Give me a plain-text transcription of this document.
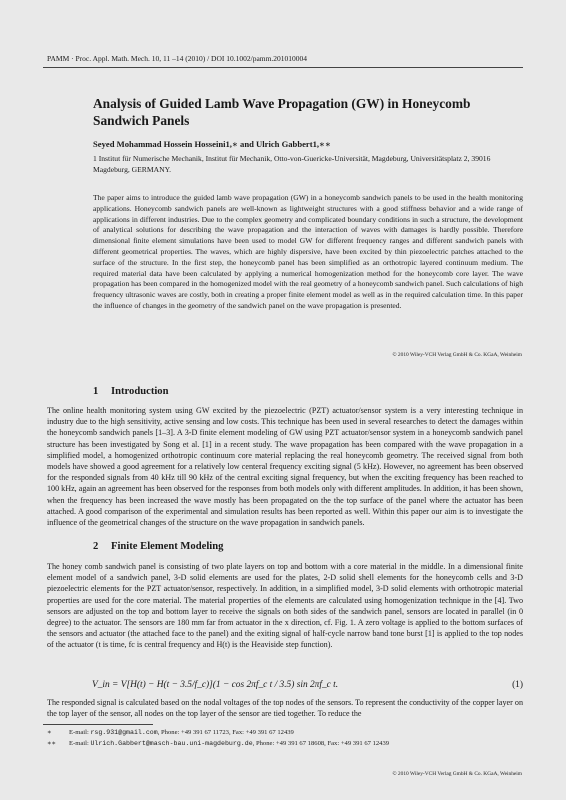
PAMM · Proc. Appl. Math. Mech. 10, 11 –14 (2010) / DOI 10.1002/pamm.201010004
Analysis of Guided Lamb Wave Propagation (GW) in Honeycomb Sandwich Panels
Seyed Mohammad Hossein Hosseini1,∗ and Ulrich Gabbert1,∗∗
1 Institut für Numerische Mechanik, Institut für Mechanik, Otto-von-Guericke-Universität, Magdeburg, Universitätsplatz 2, 39016 Magdeburg, GERMANY.
The paper aims to introduce the guided lamb wave propagation (GW) in a honeycomb sandwich panels to be used in the health monitoring applications. Honeycomb sandwich panels are well-known as lightweight structures with a good stiffness behavior and a wide range of applications in different industries. Due to the complex geometry and complicated boundary conditions in such a structure, the development of analytical solutions for describing the wave propagation and the interaction of waves with damages is hardly possible. Therefore dimensional finite element simulations have been used to model GW for different frequency ranges and different sandwich panels with different geometrical properties. The waves, which are highly dispersive, have been excited by thin piezoelectric patches attached to the surface of the structure. In the first step, the honeycomb panel has been simplified as an orthotropic layered continuum medium. The required material data have been calculated by applying a numerical homogenization method for the honeycomb core layer. The wave propagation has been compared in the homogenized model with the real geometry of a honeycomb sandwich panel. Such calculations of high frequency ultrasonic waves are costly, both in creating a proper finite element model as well as in the required calculation time. In this paper the influence of changes in the geometry of the sandwich panel on the wave propagation is presented.
© 2010 Wiley-VCH Verlag GmbH & Co. KGaA, Weinheim
1 Introduction
The online health monitoring system using GW excited by the piezoelectric (PZT) actuator/sensor system is a very interesting technique in industry due to the high sensitivity, active sensing and low costs. This technique has been used in several researches to detect the damages within the honeycomb sandwich panels [1–3]. A 3-D finite element modeling of GW using PZT actuator/sensor system in a honeycomb sandwich panel structure has been investigated by Song et al. [1] in a recent study. The wave propagation has been compared with the wave propagation in a simplified model, a homogenized orthotropic continuum core material replacing the real honeycomb geometry. The received signal from both models have showed a good agreement for a relatively low centeral frequency exciting signal (5 kHz). However, no agreement has been observed for the responded signals from 40 kHz till 90 kHz of the central exciting signal frequency, but when the exciting frequency has been reached to 100 kHz, again an agreement has been observed for the responses from both models only with different amplitudes. In addition, it has been shown, when the frequency has been increased the wave mostly has been propagated on the the top surface of the panel where the actuator has been attached. A good comparison of the experimental and simulation results has been reported as well. Within this paper our aim is to investigate the influence of the geometrical changes of the structure on the wave propagation in sandwich panels.
2 Finite Element Modeling
The honey comb sandwich panel is consisting of two plate layers on top and bottom with a core material in the middle. In a dimensional finite element model of a sandwich panel, 3-D solid elements are used for the plates, 2-D solid shell elements for the honeycomb cells and 3-D piezoelectric elements for the PZT actuator/sensor, respectively. In addition, in a simplified model, 3-D solid elements with orthotropic material properties are used for the core material. The material properties of the elements are calculated using homogenization technique in the [4]. Two sensors are adjusted on the top and bottom layer to receive the signals on both sides of the sandwich panel, sensors are located in parallel (in 0 degree) to the actuator. The sensors are 180 mm far from actuator in the x direction, cf. Fig. 1. A zero voltage is applied to the bottom surfaces of the sensors and actuator (the attached face to the panel) and the exiting signal of half-cycle narrow band tone burst [1] is applied to the top nodes of the actuator (t is time, fc is central frequency and H(t) is the Heaviside step function).
V_in = V[H(t) − H(t − 3.5/f_c)](1 − cos 2πf_c t / 3.5) sin 2πf_c t.	(1)
The responded signal is calculated based on the nodal voltages of the top nodes of the sensors. To represent the conductivity of the copper layer on the top layer of the sensor, all nodes on the top layer of the sensor are tied together. To reduce the
∗	E-mail: rsg.931@gmail.com, Phone: +49 391 67 11723, Fax: +49 391 67 12439
∗∗ E-mail: Ulrich.Gabbert@masch-bau.uni-magdeburg.de, Phone: +49 391 67 18608, Fax: +49 391 67 12439
© 2010 Wiley-VCH Verlag GmbH & Co. KGaA, Weinheim
